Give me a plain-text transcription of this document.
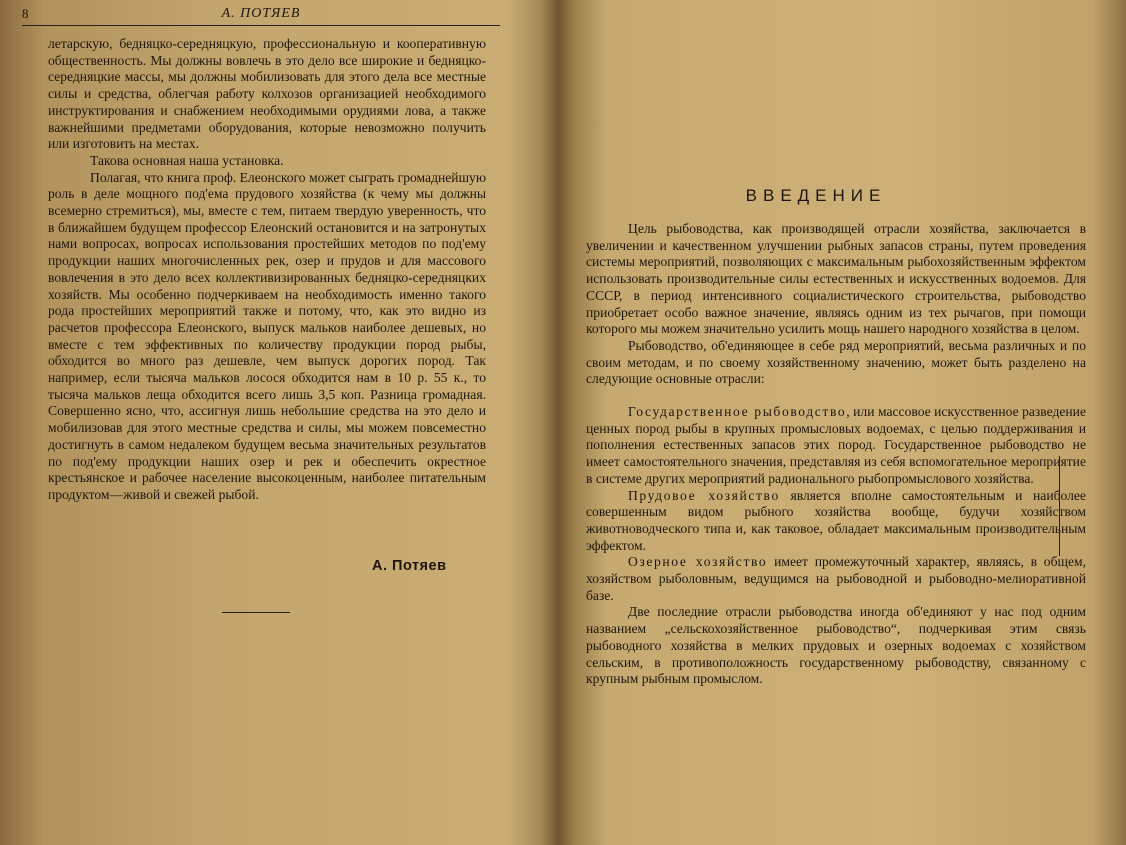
8	А. ПОТЯЕВ

летарскую, бедняцко-середняцкую, профессиональную и кооперативную общественность. Мы должны вовлечь в это дело все широкие и бедняцко-середняцкие массы, мы должны мобилизовать для этого дела все местные силы и средства, облегчая работу колхозов организацией необходимого инструктирования и снабжением необходимыми орудиями лова, а также важнейшими предметами оборудования, которые невозможно получить или изготовить на местах.

Такова основная наша установка.

Полагая, что книга проф. Елеонского может сыграть громаднейшую роль в деле мощного под'ема прудового хозяйства (к чему мы должны всемерно стремиться), мы, вместе с тем, питаем твердую уверенность, что в ближайшем будущем профессор Елеонский остановится и на затронутых нами вопросах, вопросах использования простейших методов по под'ему продукции наших многочисленных рек, озер и прудов и для массового вовлечения в это дело всех коллективизированных бедняцко-середняцких хозяйств. Мы особенно подчеркиваем на необходимость именно такого рода простейших мероприятий также и потому, что, как это видно из расчетов профессора Елеонского, выпуск мальков наиболее дешевых, но вместе с тем эффективных по количеству продукции пород рыбы, обходится во много раз дешевле, чем выпуск дорогих пород. Так например, если тысяча мальков лосося обходится нам в 10 р. 55 к., то тысяча мальков леща обходится всего лишь 3,5 коп. Разница громадная. Совершенно ясно, что, ассигнуя лишь небольшие средства на это дело и мобилизовав для этого местные средства и силы, мы можем повсеместно достигнуть в самом недалеком будущем весьма значительных результатов по под'ему продукции наших озер и рек и обеспечить окрестное крестьянское и рабочее население высокоценным, наиболее питательным продуктом—живой и свежей рыбой.

А. Потяев
ВВЕДЕНИЕ

Цель рыбоводства, как производящей отрасли хозяйства, заключается в увеличении и качественном улучшении рыбных запасов страны, путем проведения системы мероприятий, позволяющих с максимальным рыбохозяйственным эффектом использовать производительные силы естественных и искусственных водоемов. Для СССР, в период интенсивного социалистического строительства, рыбоводство приобретает особо важное значение, являясь одним из тех рычагов, при помощи которого мы можем значительно усилить мощь нашего народного хозяйства в целом.

Рыбоводство, об'единяющее в себе ряд мероприятий, весьма различных и по своим методам, и по своему хозяйственному значению, может быть разделено на следующие основные отрасли:

Государственное рыбоводство, или массовое искусственное разведение ценных пород рыбы в крупных промысловых водоемах, с целью поддерживания и пополнения естественных запасов этих пород. Государственное рыбоводство не имеет самостоятельного значения, представляя из себя вспомогательное мероприятие в системе других мероприятий радионального рыбопромыслового хозяйства.

Прудовое хозяйство является вполне самостоятельным и наиболее совершенным видом рыбного хозяйства вообще, будучи хозяйством животноводческого типа и, как таковое, обладает максимальным производительным эффектом.

Озерное хозяйство имеет промежуточный характер, являясь, в общем, хозяйством рыболовным, ведущимся на рыбоводной и рыбоводно-мелиоративной базе.

Две последние отрасли рыбоводства иногда об'единяют у нас под одним названием „сельскохозяйственное рыбоводство“, подчеркивая этим связь рыбоводного хозяйства в мелких прудовых и озерных водоемах с хозяйством сельским, в противоположность государственному рыбоводству, связанному с крупным рыбным промыслом.
